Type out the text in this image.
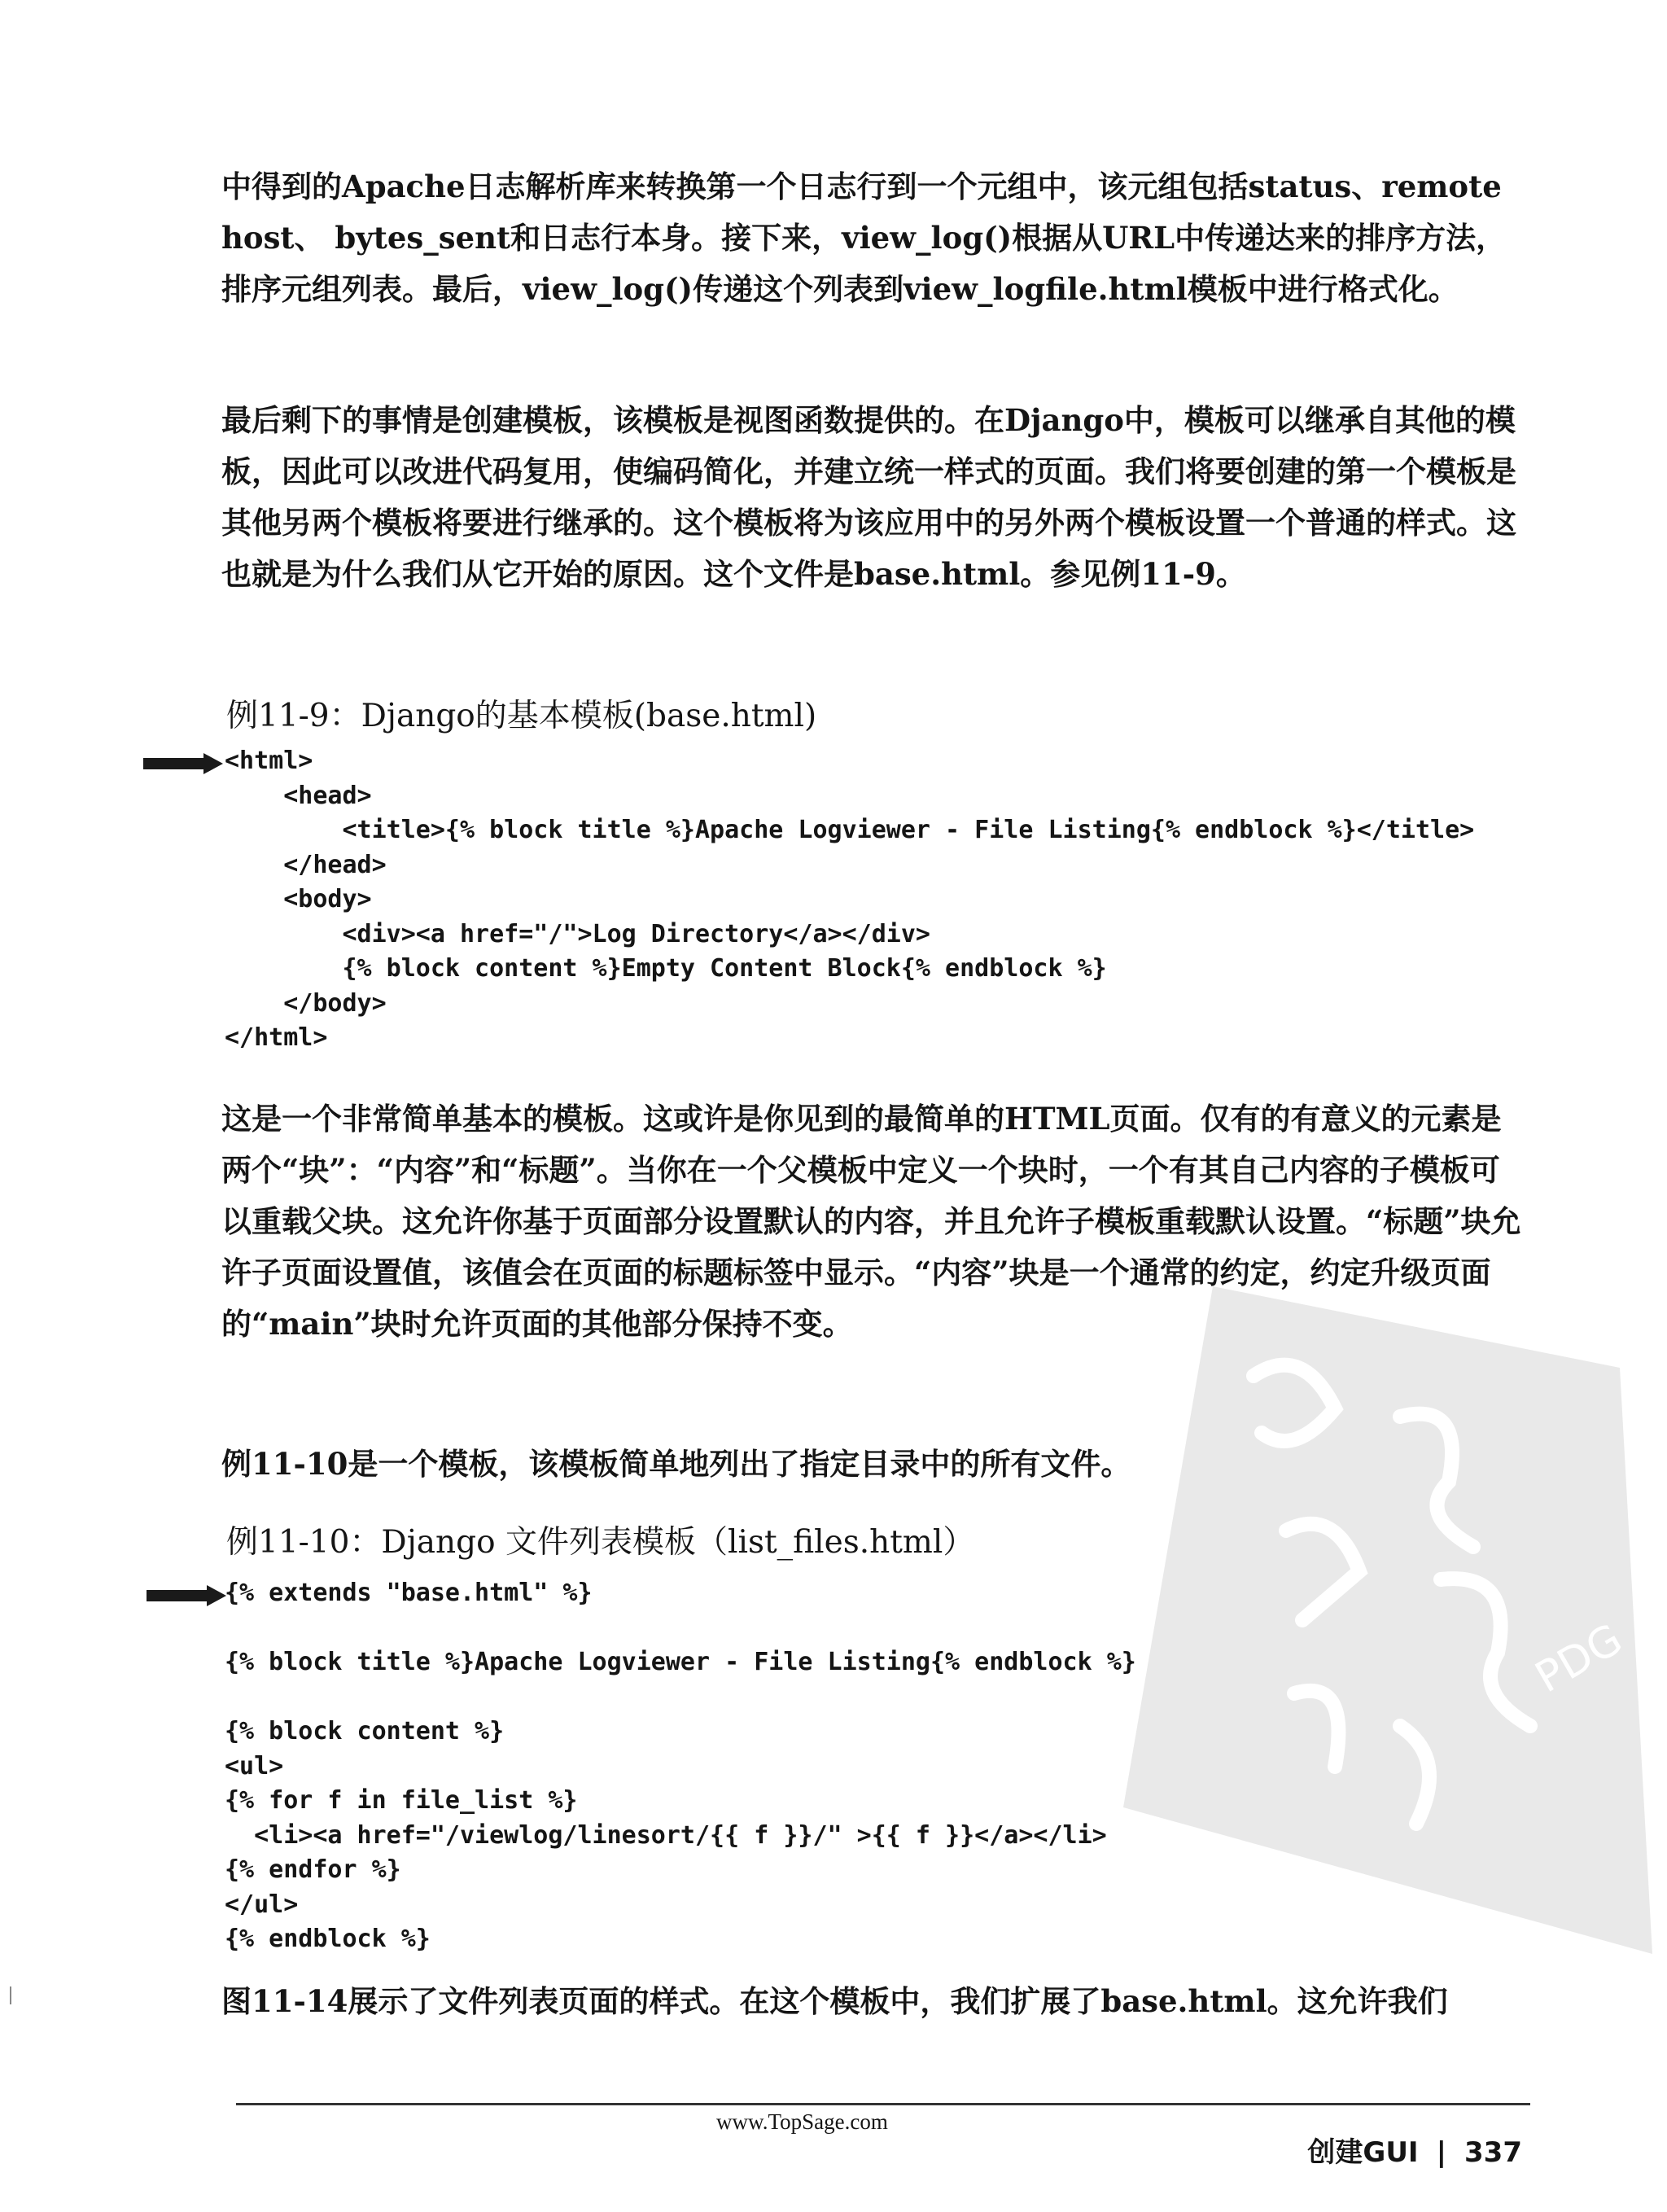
中得到的Apache日志解析库来转换第一个日志行到一个元组中，该元组包括status、remote host、 bytes_sent和日志行本身。接下来，view_log()根据从URL中传递达来的排序方法，排序元组列表。最后，view_log()传递这个列表到view_logfile.html模板中进行格式化。

最后剩下的事情是创建模板，该模板是视图函数提供的。在Django中，模板可以继承自其他的模板，因此可以改进代码复用，使编码简化，并建立统一样式的页面。我们将要创建的第一个模板是其他另两个模板将要进行继承的。这个模板将为该应用中的另外两个模板设置一个普通的样式。这也就是为什么我们从它开始的原因。这个文件是base.html。参见例11-9。

例11-9：Django的基本模板(base.html)

<html>
<head>
<title>{% block title %}Apache Logviewer - File Listing{% endblock %}</title>
</head>
<body>
<div><a href="/">Log Directory</a></div>
{% block content %}Empty Content Block{% endblock %}
</body>
</html>

这是一个非常简单基本的模板。这或许是你见到的最简单的HTML页面。仅有的有意义的元素是两个“块”：“内容”和“标题”。当你在一个父模板中定义一个块时，一个有其自己内容的子模板可以重载父块。这允许你基于页面部分设置默认的内容，并且允许子模板重载默认设置。“标题”块允许子页面设置值，该值会在页面的标题标签中显示。“内容”块是一个通常的约定，约定升级页面的“main”块时允许页面的其他部分保持不变。

例11-10是一个模板，该模板简单地列出了指定目录中的所有文件。

例11-10：Django 文件列表模板（list_files.html）

{% extends "base.html" %}

{% block title %}Apache Logviewer - File Listing{% endblock %}

{% block content %}
<ul>
{% for f in file_list %}
<li><a href="/viewlog/linesort/{{ f }}/" >{{ f }}</a></li>
{% endfor %}
</ul>
{% endblock %}
PDG

图11-14展示了文件列表页面的样式。在这个模板中，我们扩展了base.html。这允许我们

www.TopSage.com
创建GUI | 337
